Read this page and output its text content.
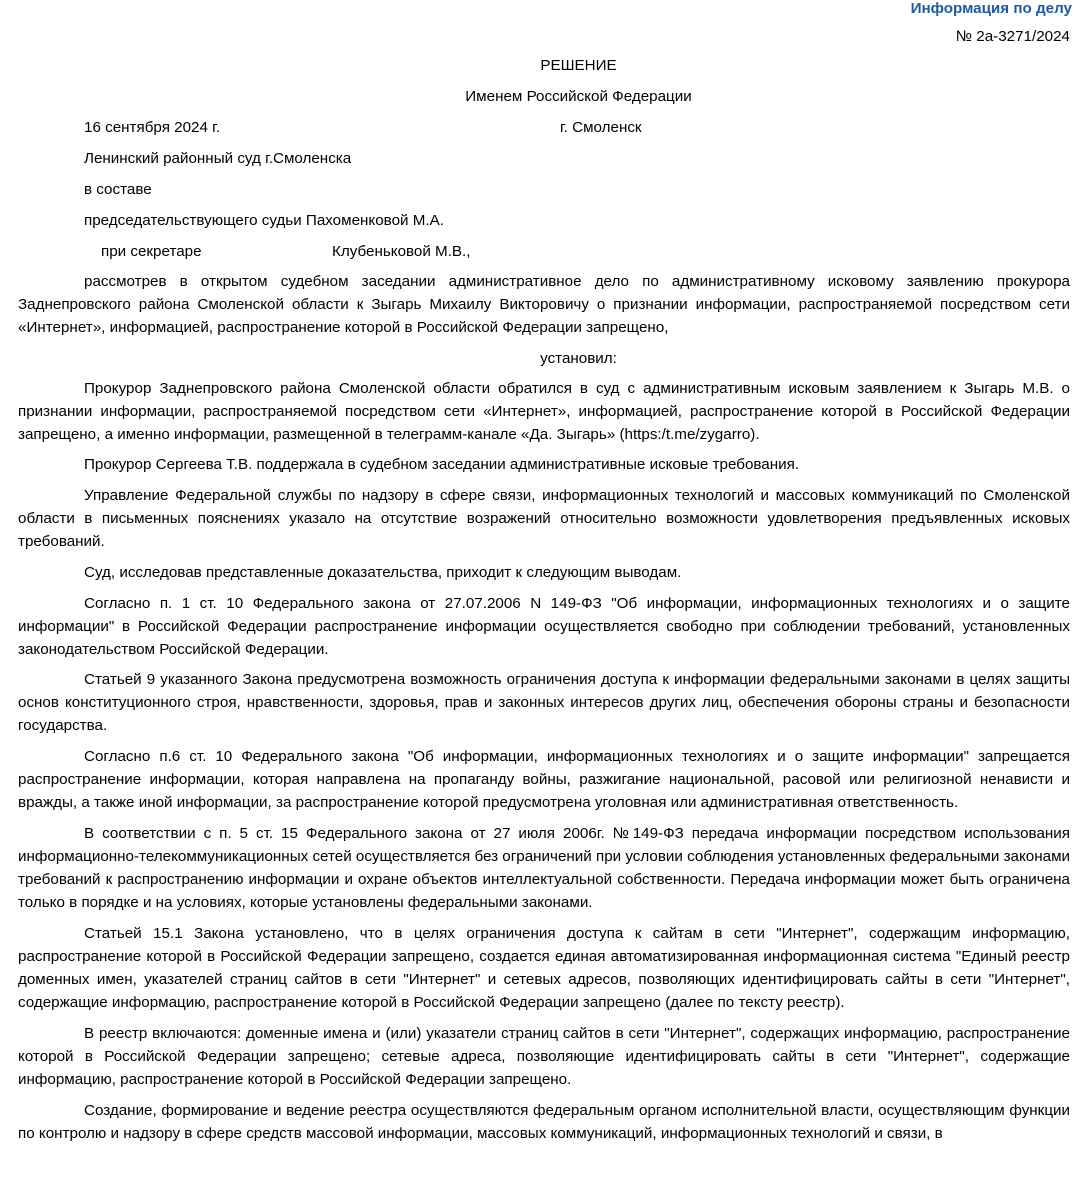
Информация по делу
№ 2а-3271/2024
РЕШЕНИЕ
Именем Российской Федерации
16 сентября 2024 г.	г. Смоленск
Ленинский районный суд г.Смоленска
в составе
председательствующего судьи Пахоменковой М.А.
при секретаре	Клубеньковой М.В.,

рассмотрев в открытом судебном заседании административное дело по административному исковому заявлению прокурора Заднепровского района Смоленской области к Зыгарь Михаилу Викторовичу о признании информации, распространяемой посредством сети «Интернет», информацией, распространение которой в Российской Федерации запрещено,

установил:

Прокурор Заднепровского района Смоленской области обратился в суд с административным исковым заявлением к Зыгарь М.В. о признании информации, распространяемой посредством сети «Интернет», информацией, распространение которой в Российской Федерации запрещено, а именно информации, размещенной в телеграмм-канале «Да. Зыгарь» (https:/t.me/zygarro).

Прокурор Сергеева Т.В. поддержала в судебном заседании административные исковые требования.

Управление Федеральной службы по надзору в сфере связи, информационных технологий и массовых коммуникаций по Смоленской области в письменных пояснениях указало на отсутствие возражений относительно возможности удовлетворения предъявленных исковых требований.

Суд, исследовав представленные доказательства, приходит к следующим выводам.

Согласно п. 1 ст. 10 Федерального закона от 27.07.2006 N 149-ФЗ "Об информации, информационных технологиях и о защите информации" в Российской Федерации распространение информации осуществляется свободно при соблюдении требований, установленных законодательством Российской Федерации.

Статьей 9 указанного Закона предусмотрена возможность ограничения доступа к информации федеральными законами в целях защиты основ конституционного строя, нравственности, здоровья, прав и законных интересов других лиц, обеспечения обороны страны и безопасности государства.

Согласно п.6 ст. 10 Федерального закона "Об информации, информационных технологиях и о защите информации" запрещается распространение информации, которая направлена на пропаганду войны, разжигание национальной, расовой или религиозной ненависти и вражды, а также иной информации, за распространение которой предусмотрена уголовная или административная ответственность.

В соответствии с п. 5 ст. 15 Федерального закона от 27 июля 2006г. №149-ФЗ передача информации посредством использования информационно-телекоммуникационных сетей осуществляется без ограничений при условии соблюдения установленных федеральными законами требований к распространению информации и охране объектов интеллектуальной собственности. Передача информации может быть ограничена только в порядке и на условиях, которые установлены федеральными законами.

Статьей 15.1 Закона установлено, что в целях ограничения доступа к сайтам в сети "Интернет", содержащим информацию, распространение которой в Российской Федерации запрещено, создается единая автоматизированная информационная система "Единый реестр доменных имен, указателей страниц сайтов в сети "Интернет" и сетевых адресов, позволяющих идентифицировать сайты в сети "Интернет", содержащие информацию, распространение которой в Российской Федерации запрещено (далее по тексту реестр).

В реестр включаются: доменные имена и (или) указатели страниц сайтов в сети "Интернет", содержащих информацию, распространение которой в Российской Федерации запрещено; сетевые адреса, позволяющие идентифицировать сайты в сети "Интернет", содержащие информацию, распространение которой в Российской Федерации запрещено.

Создание, формирование и ведение реестра осуществляются федеральным органом исполнительной власти, осуществляющим функции по контролю и надзору в сфере средств массовой информации, массовых коммуникаций, информационных технологий и связи, в
